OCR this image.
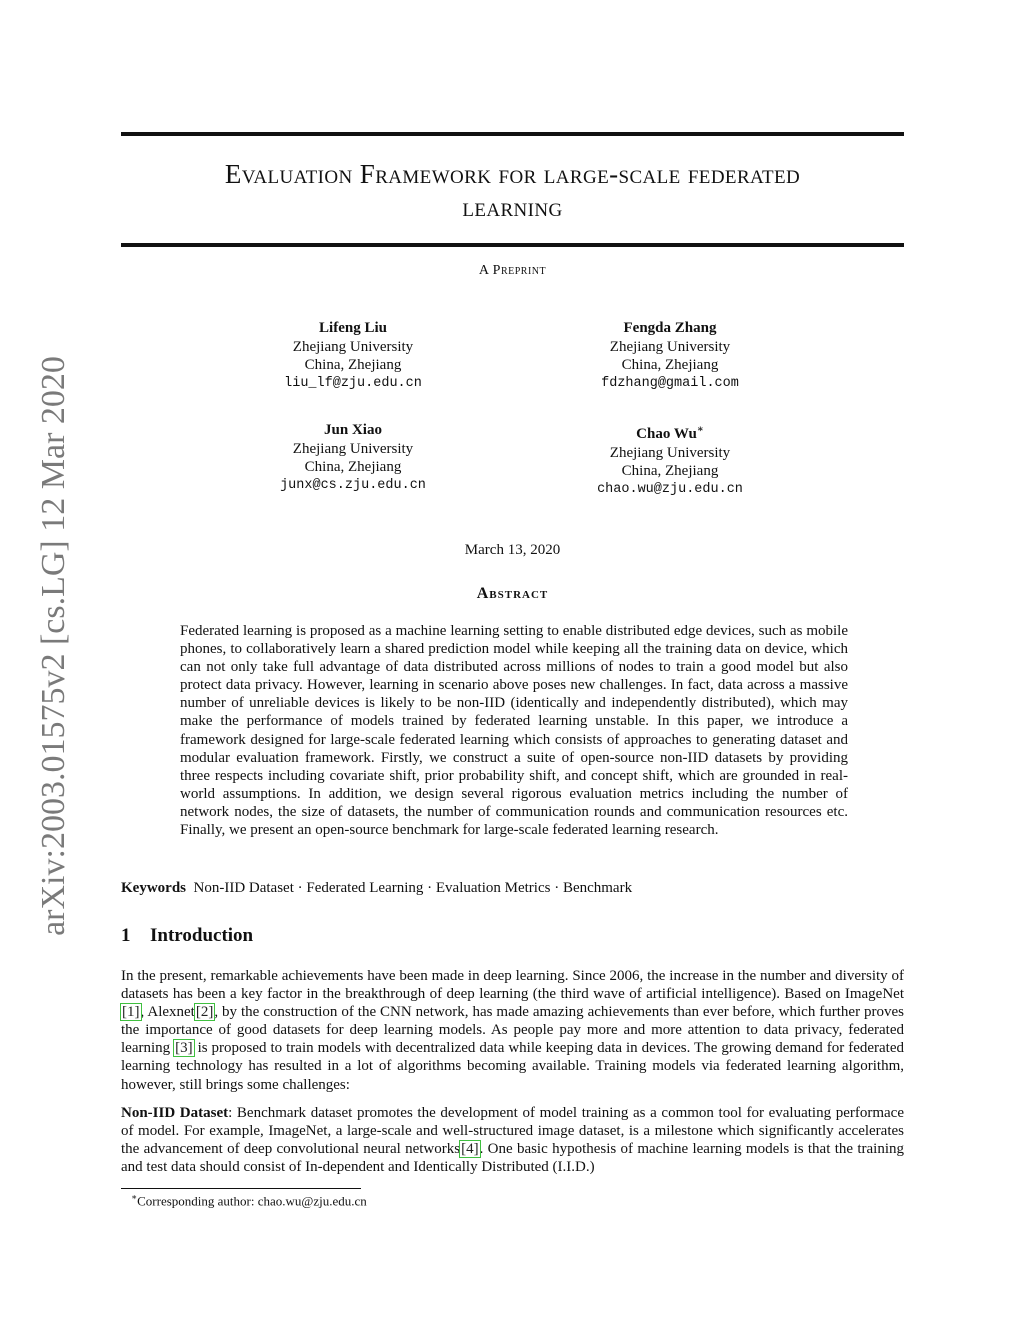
arXiv:2003.01575v2 [cs.LG] 12 Mar 2020
Evaluation Framework for large-scale federated
learning
A Preprint
Lifeng Liu
Zhejiang University
China, Zhejiang
liu_lf@zju.edu.cn
Fengda Zhang
Zhejiang University
China, Zhejiang
fdzhang@gmail.com
Jun Xiao
Zhejiang University
China, Zhejiang
junx@cs.zju.edu.cn
Chao Wu∗
Zhejiang University
China, Zhejiang
chao.wu@zju.edu.cn
March 13, 2020
Abstract
Federated learning is proposed as a machine learning setting to enable distributed edge devices, such as mobile phones, to collaboratively learn a shared prediction model while keeping all the training data on device, which can not only take full advantage of data distributed across millions of nodes to train a good model but also protect data privacy. However, learning in scenario above poses new challenges. In fact, data across a massive number of unreliable devices is likely to be non-IID (identically and independently distributed), which may make the performance of models trained by federated learning unstable. In this paper, we introduce a framework designed for large-scale federated learning which consists of approaches to generating dataset and modular evaluation framework. Firstly, we construct a suite of open-source non-IID datasets by providing three respects including covariate shift, prior probability shift, and concept shift, which are grounded in real-world assumptions. In addition, we design several rigorous evaluation metrics including the number of network nodes, the size of datasets, the number of communication rounds and communication resources etc. Finally, we present an open-source benchmark for large-scale federated learning research.
Keywords Non-IID Dataset · Federated Learning · Evaluation Metrics · Benchmark
1 Introduction

In the present, remarkable achievements have been made in deep learning. Since 2006, the increase in the number and diversity of datasets has been a key factor in the breakthrough of deep learning (the third wave of artificial intelligence). Based on ImageNet [1], Alexnet[2], by the construction of the CNN network, has made amazing achievements than ever before, which further proves the importance of good datasets for deep learning models. As people pay more and more attention to data privacy, federated learning [3] is proposed to train models with decentralized data while keeping data in devices. The growing demand for federated learning technology has resulted in a lot of algorithms becoming available. Training models via federated learning algorithm, however, still brings some challenges:

Non-IID Dataset: Benchmark dataset promotes the development of model training as a common tool for evaluating performace of model. For example, ImageNet, a large-scale and well-structured image dataset, is a milestone which significantly accelerates the advancement of deep convolutional neural networks[4]. One basic hypothesis of machine learning models is that the training and test data should consist of In-dependent and Identically Distributed (I.I.D.)

∗Corresponding author: chao.wu@zju.edu.cn
